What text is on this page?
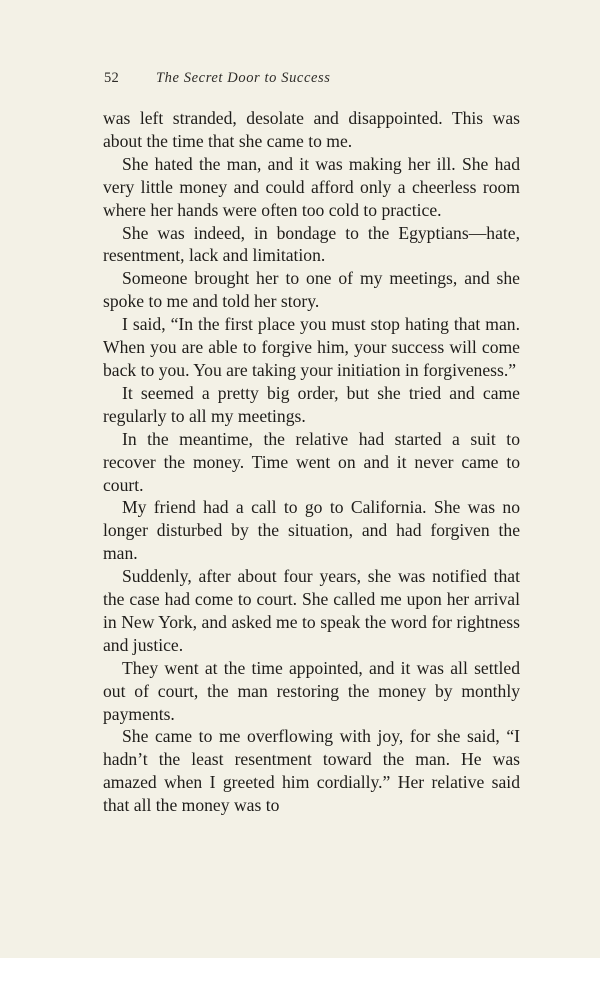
52	The Secret Door to Success

was left stranded, desolate and disappointed. This was about the time that she came to me.

She hated the man, and it was making her ill. She had very little money and could afford only a cheerless room where her hands were often too cold to practice.

She was indeed, in bondage to the Egyptians—hate, resentment, lack and limitation.

Someone brought her to one of my meetings, and she spoke to me and told her story.

I said, “In the first place you must stop hating that man. When you are able to forgive him, your success will come back to you. You are taking your initiation in forgiveness.”

It seemed a pretty big order, but she tried and came regularly to all my meetings.

In the meantime, the relative had started a suit to recover the money. Time went on and it never came to court.

My friend had a call to go to California. She was no longer disturbed by the situation, and had forgiven the man.

Suddenly, after about four years, she was notified that the case had come to court. She called me upon her arrival in New York, and asked me to speak the word for rightness and justice.

They went at the time appointed, and it was all settled out of court, the man restoring the money by monthly payments.

She came to me overflowing with joy, for she said, “I hadn’t the least resentment toward the man. He was amazed when I greeted him cordially.” Her relative said that all the money was to
